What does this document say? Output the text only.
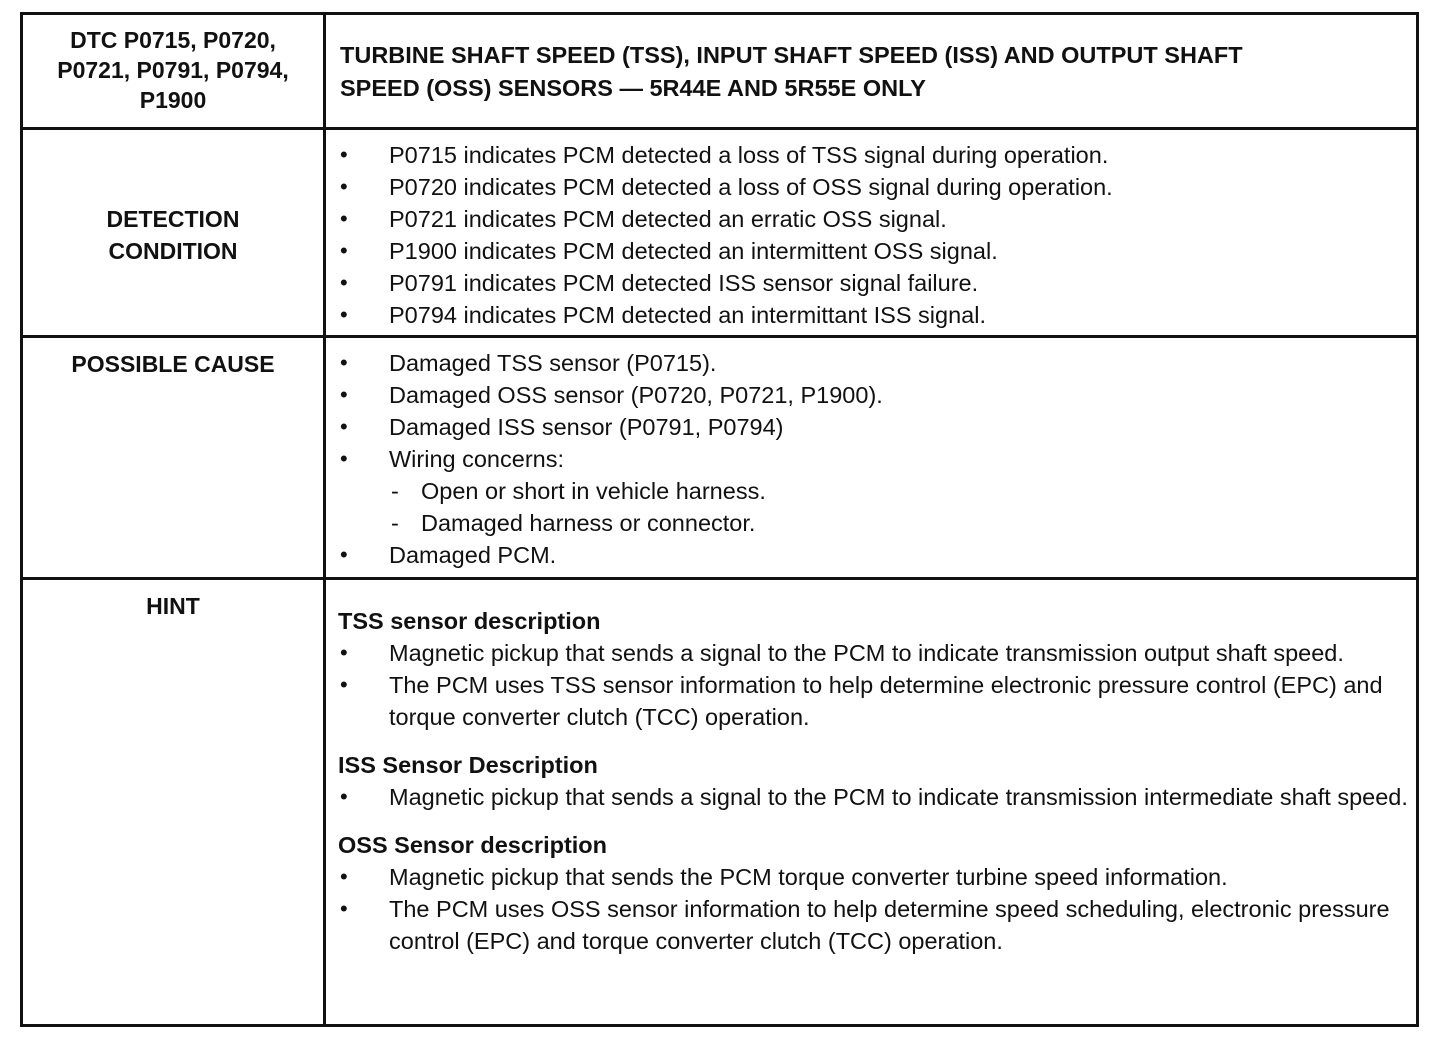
DTC P0715, P0720,
P0721, P0791, P0794,
P1900
TURBINE SHAFT SPEED (TSS), INPUT SHAFT SPEED (ISS) AND OUTPUT SHAFT
SPEED (OSS) SENSORS — 5R44E AND 5R55E ONLY
DETECTION
CONDITION
• P0715 indicates PCM detected a loss of TSS signal during operation.
• P0720 indicates PCM detected a loss of OSS signal during operation.
• P0721 indicates PCM detected an erratic OSS signal.
• P1900 indicates PCM detected an intermittent OSS signal.
• P0791 indicates PCM detected ISS sensor signal failure.
• P0794 indicates PCM detected an intermittant ISS signal.
POSSIBLE CAUSE
•	Damaged TSS sensor (P0715).
• Damaged OSS sensor (P0720, P0721, P1900).
• Damaged ISS sensor (P0791, P0794)
• Wiring concerns:
- Open or short in vehicle harness.
- Damaged harness or connector.
• Damaged PCM.
HINT
TSS sensor description
• Magnetic pickup that sends a signal to the PCM to indicate transmission output shaft speed.
• The PCM uses TSS sensor information to help determine electronic pressure control (EPC) and torque converter clutch (TCC) operation.
ISS Sensor Description
• Magnetic pickup that sends a signal to the PCM to indicate transmission intermediate shaft speed.
OSS Sensor description
• Magnetic pickup that sends the PCM torque converter turbine speed information.
• The PCM uses OSS sensor information to help determine speed scheduling, electronic pressure control (EPC) and torque converter clutch (TCC) operation.
